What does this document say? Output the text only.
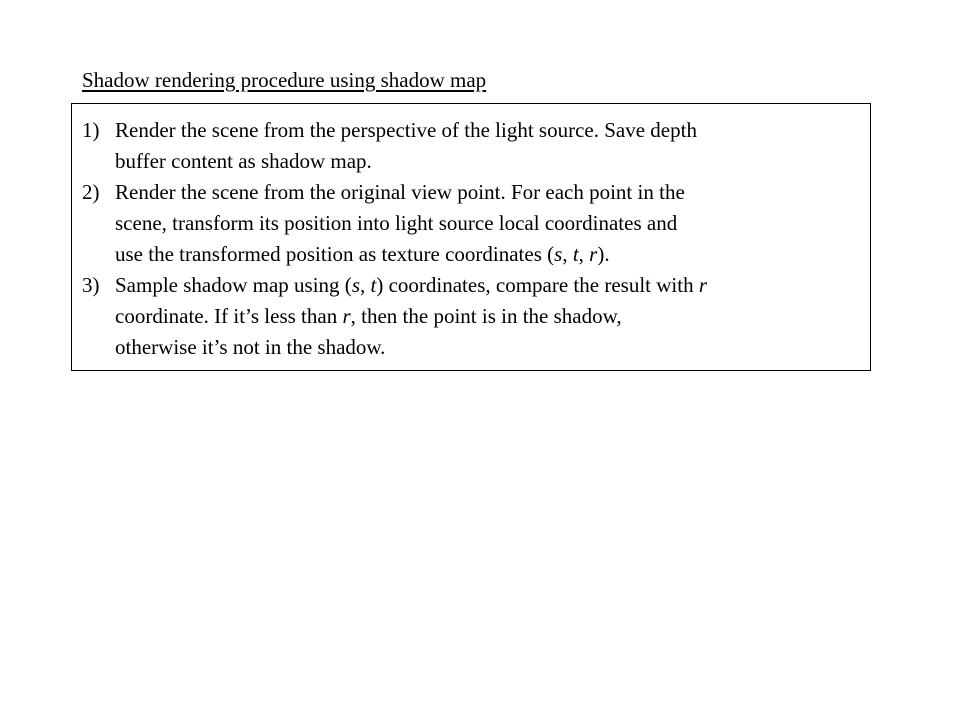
Shadow rendering procedure using shadow map
1) Render the scene from the perspective of the light source. Save depth
buffer content as shadow map.
2) Render the scene from the original view point. For each point in the
scene, transform its position into light source local coordinates and
use the transformed position as texture coordinates (s, t, r).
3) Sample shadow map using (s, t) coordinates, compare the result with r
coordinate. If it’s less than r, then the point is in the shadow,
otherwise it’s not in the shadow.
